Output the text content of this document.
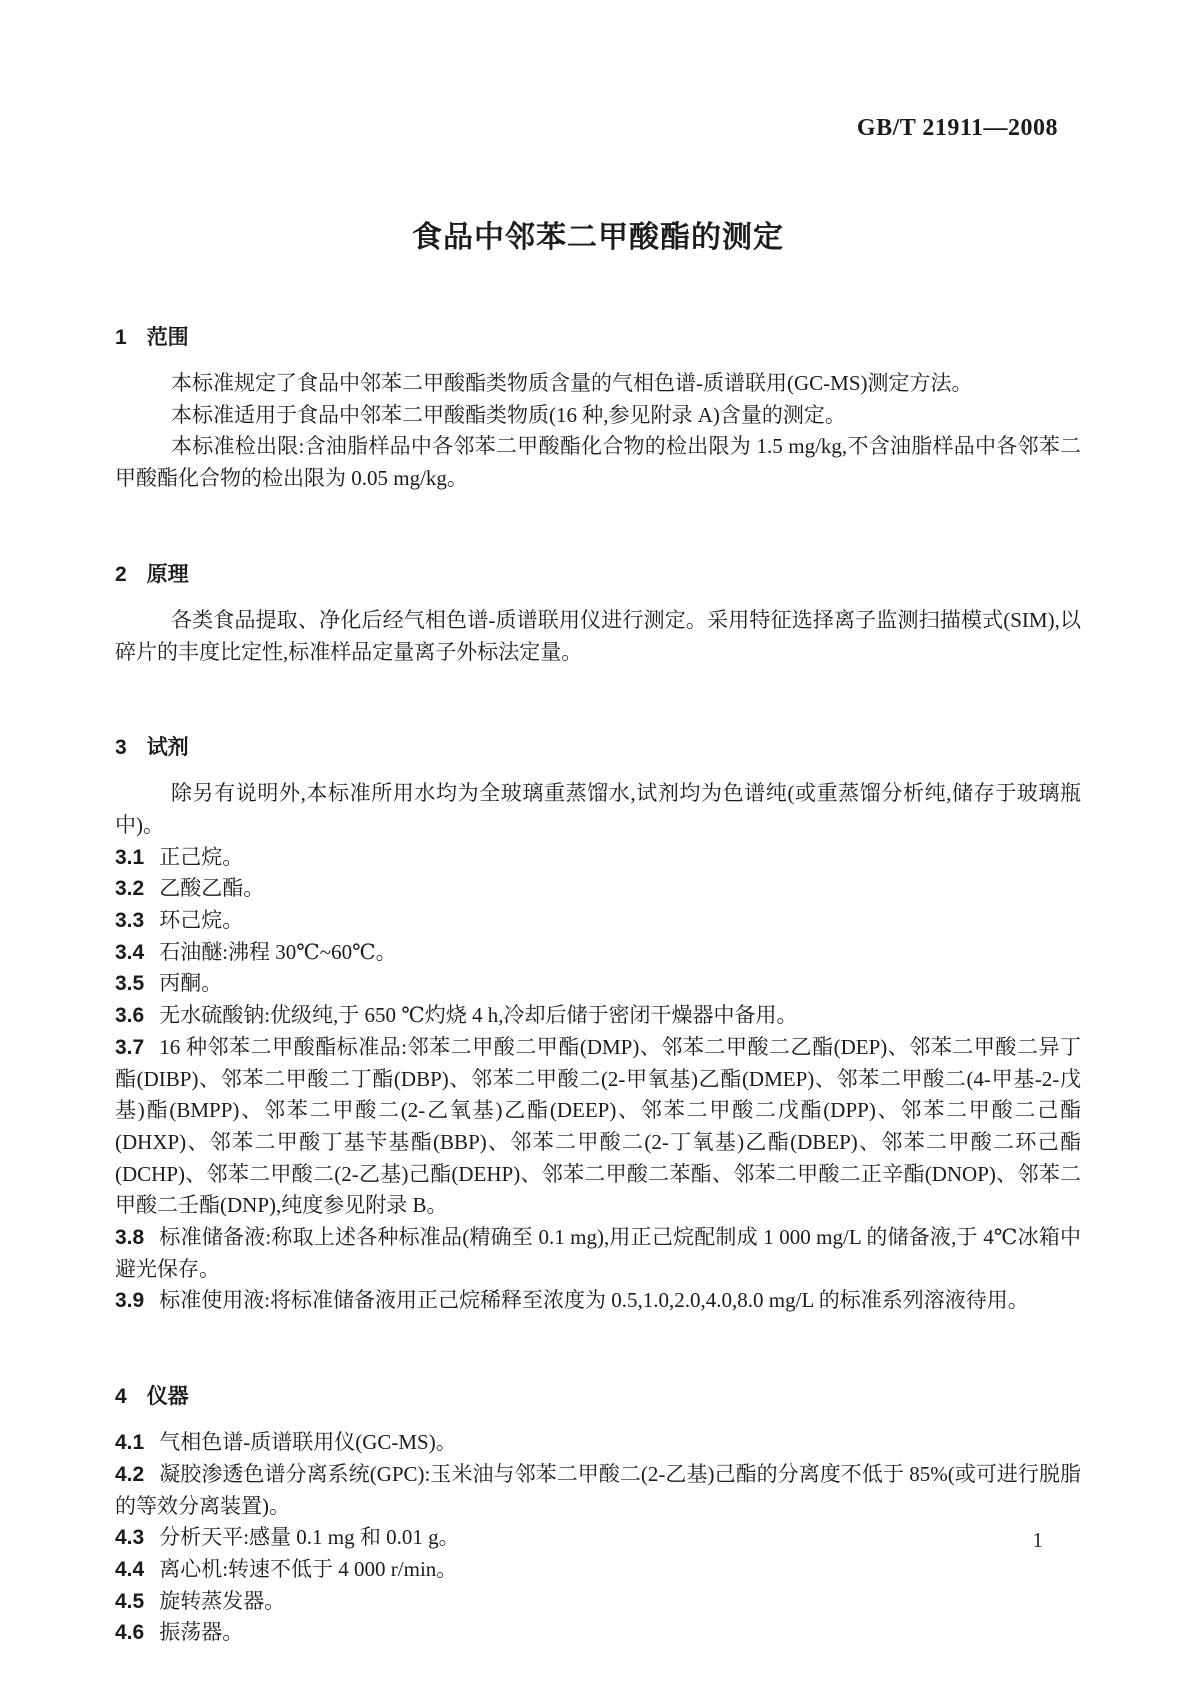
GB/T 21911—2008
食品中邻苯二甲酸酯的测定
1 范围

本标准规定了食品中邻苯二甲酸酯类物质含量的气相色谱-质谱联用(GC-MS)测定方法。

本标准适用于食品中邻苯二甲酸酯类物质(16 种,参见附录 A)含量的测定。

本标准检出限:含油脂样品中各邻苯二甲酸酯化合物的检出限为 1.5 mg/kg,不含油脂样品中各邻苯二甲酸酯化合物的检出限为 0.05 mg/kg。

2 原理

各类食品提取、净化后经气相色谱-质谱联用仪进行测定。采用特征选择离子监测扫描模式(SIM),以碎片的丰度比定性,标准样品定量离子外标法定量。

3 试剂

除另有说明外,本标准所用水均为全玻璃重蒸馏水,试剂均为色谱纯(或重蒸馏分析纯,储存于玻璃瓶中)。

3.1 正己烷。

3.2 乙酸乙酯。

3.3 环己烷。

3.4 石油醚:沸程 30℃~60℃。

3.5 丙酮。

3.6 无水硫酸钠:优级纯,于 650 ℃灼烧 4 h,冷却后储于密闭干燥器中备用。

3.7 16 种邻苯二甲酸酯标准品:邻苯二甲酸二甲酯(DMP)、邻苯二甲酸二乙酯(DEP)、邻苯二甲酸二异丁酯(DIBP)、邻苯二甲酸二丁酯(DBP)、邻苯二甲酸二(2-甲氧基)乙酯(DMEP)、邻苯二甲酸二(4-甲基-2-戊基)酯(BMPP)、邻苯二甲酸二(2-乙氧基)乙酯(DEEP)、邻苯二甲酸二戊酯(DPP)、邻苯二甲酸二己酯(DHXP)、邻苯二甲酸丁基苄基酯(BBP)、邻苯二甲酸二(2-丁氧基)乙酯(DBEP)、邻苯二甲酸二环己酯(DCHP)、邻苯二甲酸二(2-乙基)己酯(DEHP)、邻苯二甲酸二苯酯、邻苯二甲酸二正辛酯(DNOP)、邻苯二甲酸二壬酯(DNP),纯度参见附录 B。

3.8 标准储备液:称取上述各种标准品(精确至 0.1 mg),用正己烷配制成 1 000 mg/L 的储备液,于 4℃冰箱中避光保存。

3.9 标准使用液:将标准储备液用正己烷稀释至浓度为 0.5,1.0,2.0,4.0,8.0 mg/L 的标准系列溶液待用。

4 仪器

4.1 气相色谱-质谱联用仪(GC-MS)。

4.2 凝胶渗透色谱分离系统(GPC):玉米油与邻苯二甲酸二(2-乙基)己酯的分离度不低于 85%(或可进行脱脂的等效分离装置)。

4.3 分析天平:感量 0.1 mg 和 0.01 g。

4.4 离心机:转速不低于 4 000 r/min。

4.5 旋转蒸发器。

4.6 振荡器。

1
